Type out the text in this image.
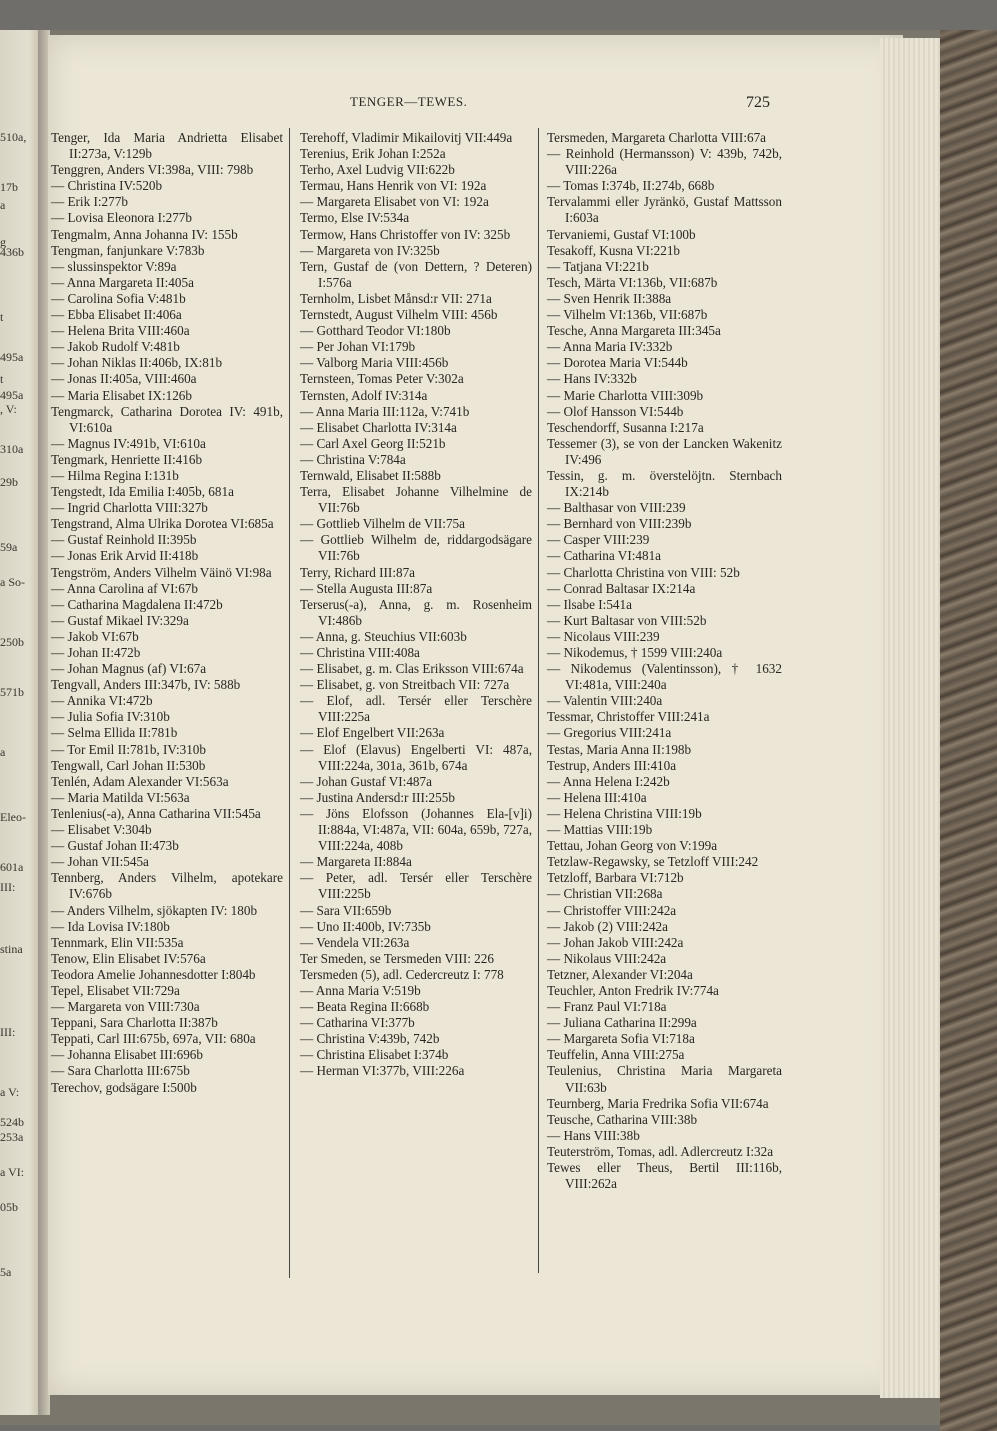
510a,
17b
a
g
436b
t
495a
t
495a
, V:
310a
29b
59a
a So-
250b
571b
a
Eleo-
601a
III:
stina
III:
a V:
524b
253a
a VI:
05b
5a
TENGER—TEWES.	725
Tenger, Ida Maria Andrietta Elisabet II:273a, V:129b
Tenggren, Anders VI:398a, VIII: 798b
— Christina IV:520b
— Erik I:277b
— Lovisa Eleonora I:277b
Tengmalm, Anna Johanna IV: 155b
Tengman, fanjunkare V:783b
— slussinspektor V:89a
— Anna Margareta II:405a
— Carolina Sofia V:481b
— Ebba Elisabet II:406a
— Helena Brita VIII:460a
— Jakob Rudolf V:481b
— Johan Niklas II:406b, IX:81b
— Jonas II:405a, VIII:460a
— Maria Elisabet IX:126b
Tengmarck, Catharina Dorotea IV: 491b, VI:610a
— Magnus IV:491b, VI:610a
Tengmark, Henriette II:416b
— Hilma Regina I:131b
Tengstedt, Ida Emilia I:405b, 681a
— Ingrid Charlotta VIII:327b
Tengstrand, Alma Ulrika Dorotea VI:685a
— Gustaf Reinhold II:395b
— Jonas Erik Arvid II:418b
Tengström, Anders Vilhelm Väinö VI:98a
— Anna Carolina af VI:67b
— Catharina Magdalena II:472b
— Gustaf Mikael IV:329a
— Jakob VI:67b
— Johan II:472b
— Johan Magnus (af) VI:67a
Tengvall, Anders III:347b, IV: 588b
— Annika VI:472b
— Julia Sofia IV:310b
— Selma Ellida II:781b
— Tor Emil II:781b, IV:310b
Tengwall, Carl Johan II:530b
Tenlén, Adam Alexander VI:563a
— Maria Matilda VI:563a
Tenlenius(-a), Anna Catharina VII:545a
— Elisabet V:304b
— Gustaf Johan II:473b
— Johan VII:545a
Tennberg, Anders Vilhelm, apotekare IV:676b
— Anders Vilhelm, sjökapten IV: 180b
— Ida Lovisa IV:180b
Tennmark, Elin VII:535a
Tenow, Elin Elisabet IV:576a
Teodora Amelie Johannesdotter I:804b
Tepel, Elisabet VII:729a
— Margareta von VIII:730a
Teppani, Sara Charlotta II:387b
Teppati, Carl III:675b, 697a, VII: 680a
— Johanna Elisabet III:696b
— Sara Charlotta III:675b
Terechov, godsägare I:500b
Terehoff, Vladimir Mikailovitj VII:449a
Terenius, Erik Johan I:252a
Terho, Axel Ludvig VII:622b
Termau, Hans Henrik von VI: 192a
— Margareta Elisabet von VI: 192a
Termo, Else IV:534a
Termow, Hans Christoffer von IV: 325b
— Margareta von IV:325b
Tern, Gustaf de (von Dettern, ? Deteren) I:576a
Ternholm, Lisbet Månsd:r VII: 271a
Ternstedt, August Vilhelm VIII: 456b
— Gotthard Teodor VI:180b
— Per Johan VI:179b
— Valborg Maria VIII:456b
Ternsteen, Tomas Peter V:302a
Ternsten, Adolf IV:314a
— Anna Maria III:112a, V:741b
— Elisabet Charlotta IV:314a
— Carl Axel Georg II:521b
— Christina V:784a
Ternwald, Elisabet II:588b
Terra, Elisabet Johanne Vilhelmine de VII:76b
— Gottlieb Vilhelm de VII:75a
— Gottlieb Wilhelm de, riddargodsägare VII:76b
Terry, Richard III:87a
— Stella Augusta III:87a
Terserus(-a), Anna, g. m. Rosenheim VI:486b
— Anna, g. Steuchius VII:603b
— Christina VIII:408a
— Elisabet, g. m. Clas Eriksson VIII:674a
— Elisabet, g. von Streitbach VII: 727a
— Elof, adl. Tersér eller Terschère VIII:225a
— Elof Engelbert VII:263a
— Elof (Elavus) Engelberti VI: 487a, VIII:224a, 301a, 361b, 674a
— Johan Gustaf VI:487a
— Justina Andersd:r III:255b
— Jöns Elofsson (Johannes Ela-[v]i) II:884a, VI:487a, VII: 604a, 659b, 727a, VIII:224a, 408b
— Margareta II:884a
— Peter, adl. Tersér eller Terschère VIII:225b
— Sara VII:659b
— Uno II:400b, IV:735b
— Vendela VII:263a
Ter Smeden, se Tersmeden VIII: 226
Tersmeden (5), adl. Cedercreutz I: 778
— Anna Maria V:519b
— Beata Regina II:668b
— Catharina VI:377b
— Christina V:439b, 742b
— Christina Elisabet I:374b
— Herman VI:377b, VIII:226a
Tersmeden, Margareta Charlotta VIII:67a
— Reinhold (Hermansson) V: 439b, 742b, VIII:226a
— Tomas I:374b, II:274b, 668b
Tervalammi eller Jyränkö, Gustaf Mattsson I:603a
Tervaniemi, Gustaf VI:100b
Tesakoff, Kusna VI:221b
— Tatjana VI:221b
Tesch, Märta VI:136b, VII:687b
— Sven Henrik II:388a
— Vilhelm VI:136b, VII:687b
Tesche, Anna Margareta III:345a
— Anna Maria IV:332b
— Dorotea Maria VI:544b
— Hans IV:332b
— Marie Charlotta VIII:309b
— Olof Hansson VI:544b
Teschendorff, Susanna I:217a
Tessemer (3), se von der Lancken Wakenitz IV:496
Tessin, g. m. överstelöjtn. Sternbach IX:214b
— Balthasar von VIII:239
— Bernhard von VIII:239b
— Casper VIII:239
— Catharina VI:481a
— Charlotta Christina von VIII: 52b
— Conrad Baltasar IX:214a
— Ilsabe I:541a
— Kurt Baltasar von VIII:52b
— Nicolaus VIII:239
— Nikodemus, † 1599 VIII:240a
— Nikodemus (Valentinsson), † 1632 VI:481a, VIII:240a
— Valentin VIII:240a
Tessmar, Christoffer VIII:241a
— Gregorius VIII:241a
Testas, Maria Anna II:198b
Testrup, Anders III:410a
— Anna Helena I:242b
— Helena III:410a
— Helena Christina VIII:19b
— Mattias VIII:19b
Tettau, Johan Georg von V:199a
Tetzlaw-Regawsky, se Tetzloff VIII:242
Tetzloff, Barbara VI:712b
— Christian VII:268a
— Christoffer VIII:242a
— Jakob (2) VIII:242a
— Johan Jakob VIII:242a
— Nikolaus VIII:242a
Tetzner, Alexander VI:204a
Teuchler, Anton Fredrik IV:774a
— Franz Paul VI:718a
— Juliana Catharina II:299a
— Margareta Sofia VI:718a
Teuffelin, Anna VIII:275a
Teulenius, Christina Maria Margareta VII:63b
Teurnberg, Maria Fredrika Sofia VII:674a
Teusche, Catharina VIII:38b
— Hans VIII:38b
Teuterström, Tomas, adl. Adlercreutz I:32a
Tewes eller Theus, Bertil III:116b, VIII:262a
